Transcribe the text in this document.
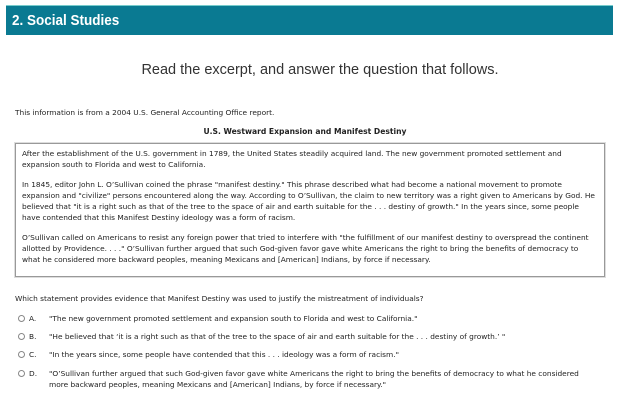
2. Social Studies
Read the excerpt, and answer the question that follows.
This information is from a 2004 U.S. General Accounting Office report.
U.S. Westward Expansion and Manifest Destiny

After the establishment of the U.S. government in 1789, the United States steadily acquired land. The new government promoted settlement and expansion south to Florida and west to California.

In 1845, editor John L. O’Sullivan coined the phrase "manifest destiny." This phrase described what had become a national movement to promote expansion and "civilize" persons encountered along the way. According to O’Sullivan, the claim to new territory was a right given to Americans by God. He believed that "it is a right such as that of the tree to the space of air and earth suitable for the . . . destiny of growth." In the years since, some people have contended that this Manifest Destiny ideology was a form of racism.

O’Sullivan called on Americans to resist any foreign power that tried to interfere with "the fulfillment of our manifest destiny to overspread the continent allotted by Providence. . . ." O’Sullivan further argued that such God-given favor gave white Americans the right to bring the benefits of democracy to what he considered more backward peoples, meaning Mexicans and [American] Indians, by force if necessary.

Which statement provides evidence that Manifest Destiny was used to justify the mistreatment of individuals?
A.	"The new government promoted settlement and expansion south to Florida and west to California."
B.	"He believed that ‘it is a right such as that of the tree to the space of air and earth suitable for the . . . destiny of growth.’ "
C.	"In the years since, some people have contended that this . . . ideology was a form of racism."
D.	"O’Sullivan further argued that such God-given favor gave white Americans the right to bring the benefits of democracy to what he considered more backward peoples, meaning Mexicans and [American] Indians, by force if necessary."
